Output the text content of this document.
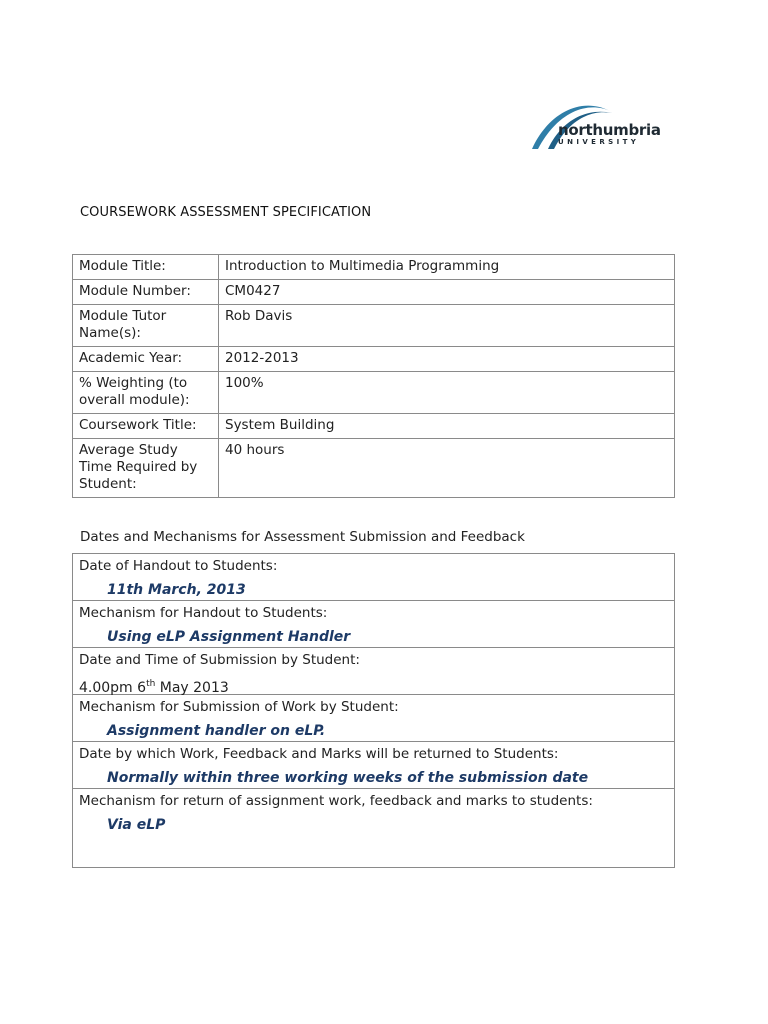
northumbria
UNIVERSITY
COURSEWORK ASSESSMENT SPECIFICATION
Module Title:	Introduction to Multimedia Programming
Module Number:	CM0427
Module Tutor Name(s):	Rob Davis
Academic Year:	2012-2013
% Weighting (to overall module):	100%
Coursework Title:	System Building
Average Study Time Required by Student:	40 hours
Dates and Mechanisms for Assessment Submission and Feedback
Date of Handout to Students:
11th March, 2013
Mechanism for Handout to Students:
Using eLP Assignment Handler
Date and Time of Submission by Student:
4.00pm 6th May 2013
Mechanism for Submission of Work by Student:
Assignment handler on eLP.
Date by which Work, Feedback and Marks will be returned to Students:
Normally within three working weeks of the submission date
Mechanism for return of assignment work, feedback and marks to students:
Via eLP
